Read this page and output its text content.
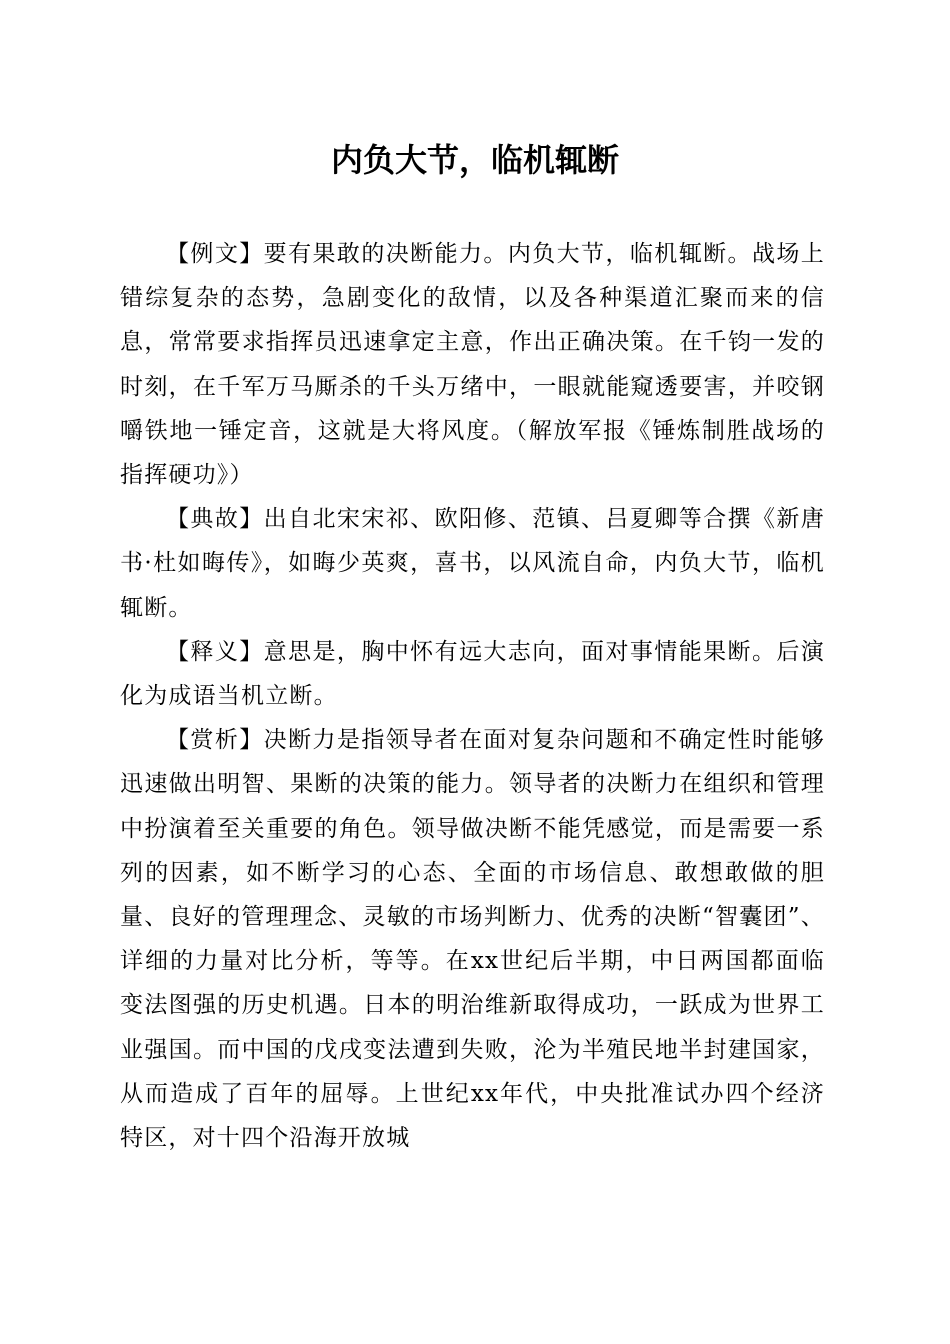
内负大节，临机辄断

【例文】要有果敢的决断能力。内负大节，临机辄断。战场上错综复杂的态势，急剧变化的敌情，以及各种渠道汇聚而来的信息，常常要求指挥员迅速拿定主意，作出正确决策。在千钧一发的时刻，在千军万马厮杀的千头万绪中，一眼就能窥透要害，并咬钢嚼铁地一锤定音，这就是大将风度。（解放军报《锤炼制胜战场的指挥硬功》）

【典故】出自北宋宋祁、欧阳修、范镇、吕夏卿等合撰《新唐书·杜如晦传》，如晦少英爽，喜书，以风流自命，内负大节，临机辄断。

【释义】意思是，胸中怀有远大志向，面对事情能果断。后演化为成语当机立断。

【赏析】决断力是指领导者在面对复杂问题和不确定性时能够迅速做出明智、果断的决策的能力。领导者的决断力在组织和管理中扮演着至关重要的角色。领导做决断不能凭感觉，而是需要一系列的因素，如不断学习的心态、全面的市场信息、敢想敢做的胆量、良好的管理理念、灵敏的市场判断力、优秀的决断“智囊团”、详细的力量对比分析，等等。在xx世纪后半期，中日两国都面临变法图强的历史机遇。日本的明治维新取得成功，一跃成为世界工业强国。而中国的戊戌变法遭到失败，沦为半殖民地半封建国家，从而造成了百年的屈辱。上世纪xx年代，中央批准试办四个经济特区，对十四个沿海开放城
